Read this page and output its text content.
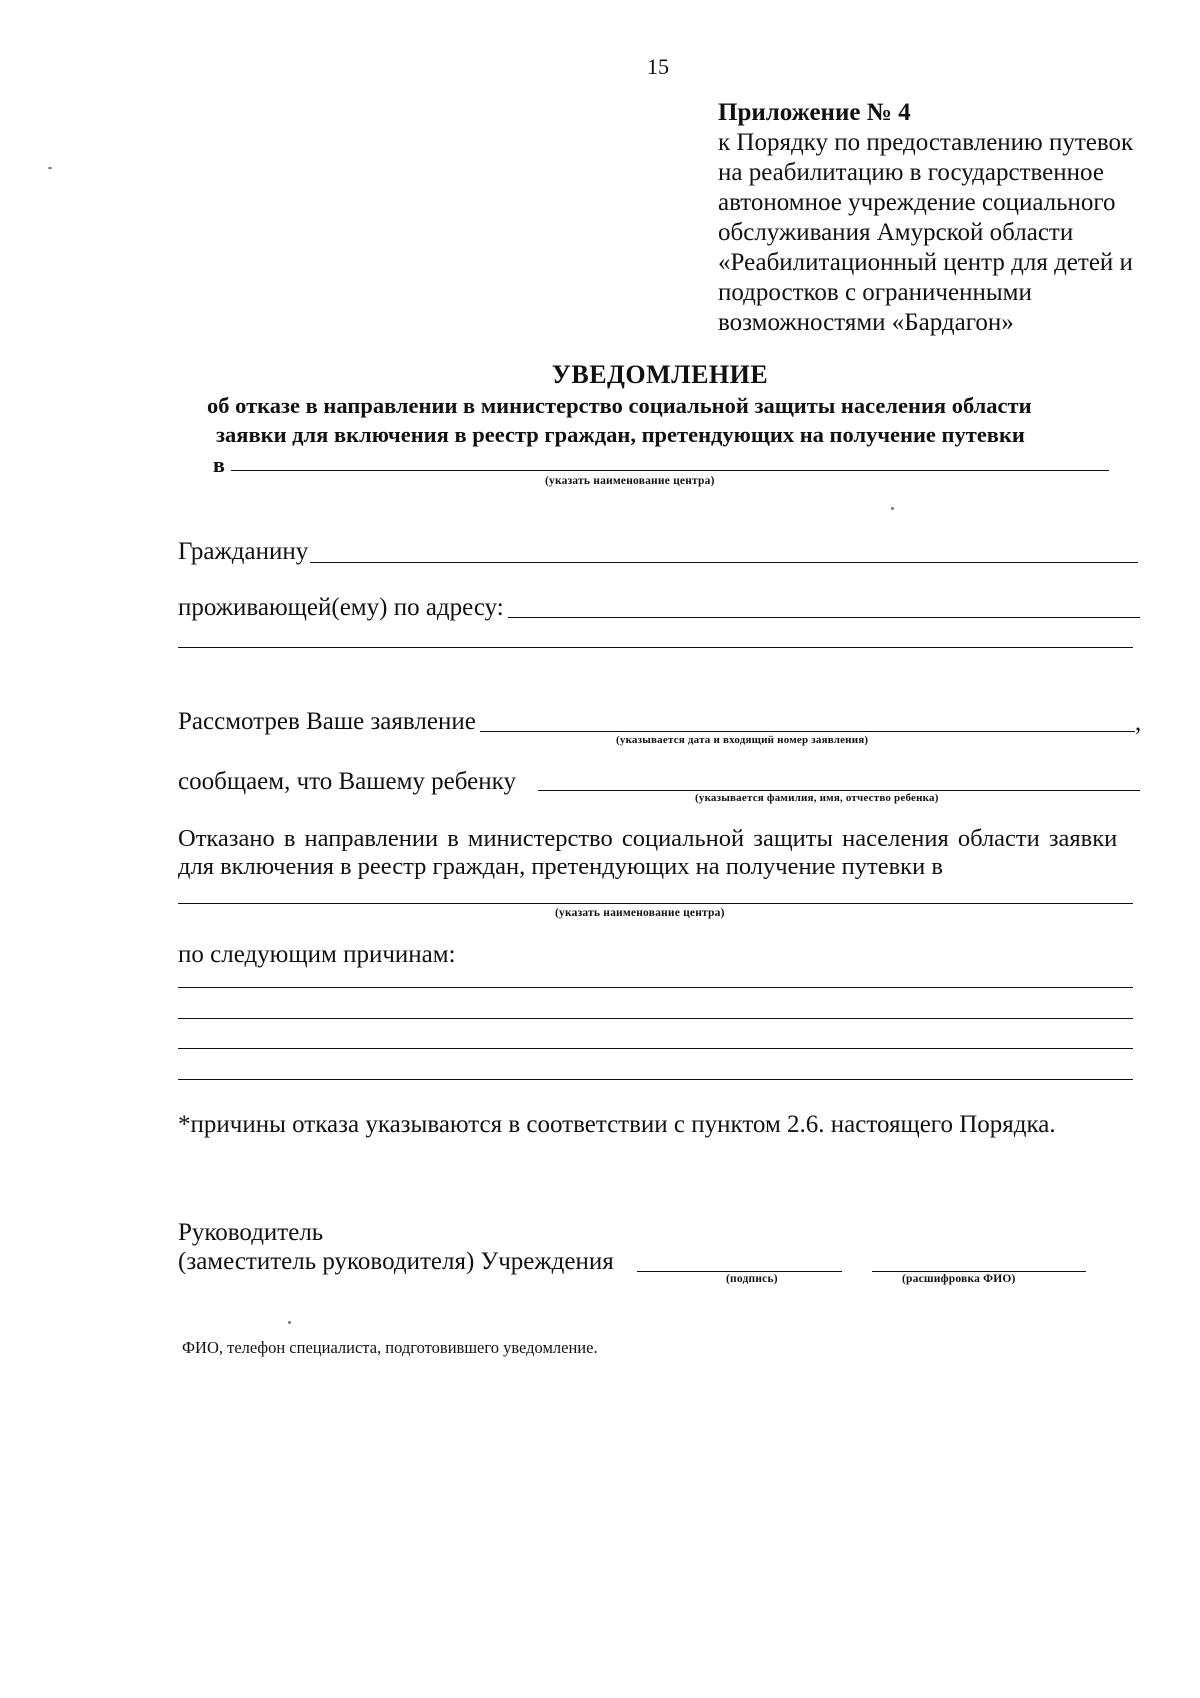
15
Приложение № 4
к Порядку по предоставлению путевок
на реабилитацию в государственное
автономное учреждение социального
обслуживания Амурской области
«Реабилитационный центр для детей и
подростков с ограниченными
возможностями «Бардагон»
УВЕДОМЛЕНИЕ
об отказе в направлении в министерство социальной защиты населения области
заявки для включения в реестр граждан, претендующих на получение путевки
в
(указать наименование центра)
Гражданину
проживающей(ему) по адресу:
Рассмотрев Ваше заявление	,
(указывается дата и входящий номер заявления)
сообщаем, что Вашему ребенку
(указывается фамилия, имя, отчество ребенка)
Отказано в направлении в министерство социальной защиты населения области заявки
для включения в реестр граждан, претендующих на получение путевки в
(указать наименование центра)
по следующим причинам:
*причины отказа указываются в соответствии с пунктом 2.6. настоящего Порядка.
Руководитель
(заместитель руководителя) Учреждения
(подпись)	(расшифровка ФИО)
ФИО, телефон специалиста, подготовившего уведомление.
